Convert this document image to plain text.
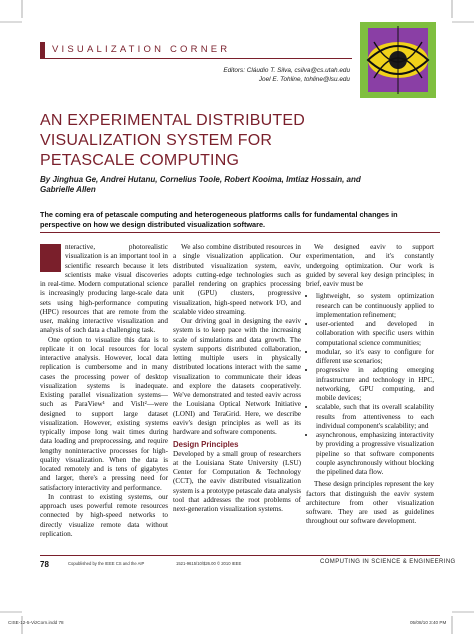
VISUALIZATION CORNER
Editors: Cláudio T. Silva, csilva@cs.utah.edu
Joel E. Tohline, tohline@lsu.edu
AN EXPERIMENTAL DISTRIBUTED
VISUALIZATION SYSTEM FOR
PETASCALE COMPUTING
By Jinghua Ge, Andrei Hutanu, Cornelius Toole, Robert Kooima, Imtiaz Hossain, and Gabrielle Allen
The coming era of petascale computing and heterogeneous platforms calls for fundamental changes in perspective on how we design distributed visualization software.

nteractive, photorealistic visualization is an important tool in scientific research because it lets scientists make visual discoveries in real-time. Modern computational science is increasingly producing large-scale data sets using high-performance computing (HPC) resources that are remote from the user, making interactive visualization and analysis of such data a challenging task.

One option to visualize this data is to replicate it on local resources for local interactive analysis. However, local data replication is cumbersome and in many cases the processing power of desktop visualization systems is inadequate. Existing parallel visualization systems—such as ParaView¹ and VisIt²—were designed to support large dataset visualization. However, existing systems typically impose long wait times during data loading and preprocessing, and require lengthy noninteractive processes for high-quality visualization. When the data is located remotely and is tens of gigabytes and larger, there's a pressing need for satisfactory interactivity and performance.

In contrast to existing systems, our approach uses powerful remote resources connected by high-speed networks to directly visualize remote data without replication.

We also combine distributed resources in a single visualization application. Our distributed visualization system, eaviv, adopts cutting-edge technologies such as parallel rendering on graphics processing unit (GPU) clusters, progressive visualization, high-speed network I/O, and scalable video streaming.

Our driving goal in designing the eaviv system is to keep pace with the increasing scale of simulations and data growth. The system supports distributed collaboration, letting multiple users in physically distributed locations interact with the same visualization to communicate their ideas and explore the datasets cooperatively. We've demonstrated and tested eaviv across the Louisiana Optical Network Initiative (LONI) and TeraGrid. Here, we describe eaviv's design principles as well as its hardware and software components.

Design Principles

Developed by a small group of researchers at the Louisiana State University (LSU) Center for Computation & Technology (CCT), the eaviv distributed visualization system is a prototype petascale data analysis tool that addresses the root problems of next-generation visualization systems.

We designed eaviv to support experimentation, and it's constantly undergoing optimization. Our work is guided by several key design principles; in brief, eaviv must be

• lightweight, so system optimization research can be continuously applied to implementation refinement;
• user-oriented and developed in collaboration with specific users within computational science communities;
• modular, so it's easy to configure for different use scenarios;
• progressive in adopting emerging infrastructure and technology in HPC, networking, GPU computing, and mobile devices;
• scalable, such that its overall scalability results from attentiveness to each individual component's scalability; and
• asynchronous, emphasizing interactivity by providing a progressive visualization pipeline so that software components couple asynchronously without blocking the pipelined data flow.

These design principles represent the key factors that distinguish the eaviv system architecture from other visualization software. They are used as guidelines throughout our software development.

78	Copublished by the IEEE CS and the AIP	1521-9615/10/$26.00 © 2010 IEEE	COMPUTING IN SCIENCE & ENGINEERING
CISE-12-5-VizCorn.indd 78	05/08/10 3:40 PM
